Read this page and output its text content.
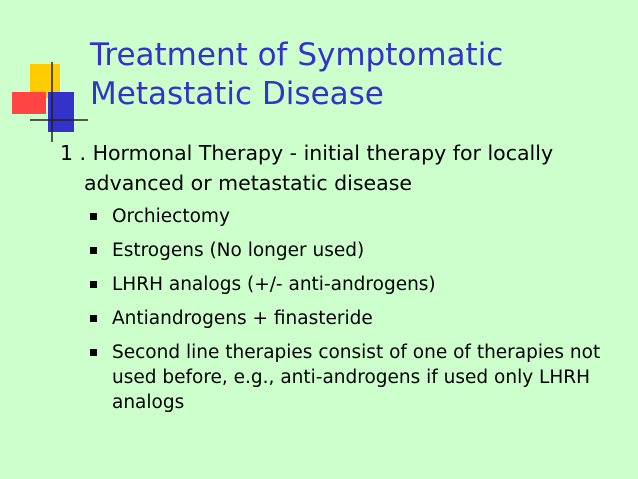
Treatment of Symptomatic
Metastatic Disease

1 . Hormonal Therapy - initial therapy for locally advanced or metastatic disease

Orchiectomy
Estrogens (No longer used)
LHRH analogs (+/- anti-androgens)
Antiandrogens + finasteride
Second line therapies consist of one of therapies not used before, e.g., anti-androgens if used only LHRH analogs
